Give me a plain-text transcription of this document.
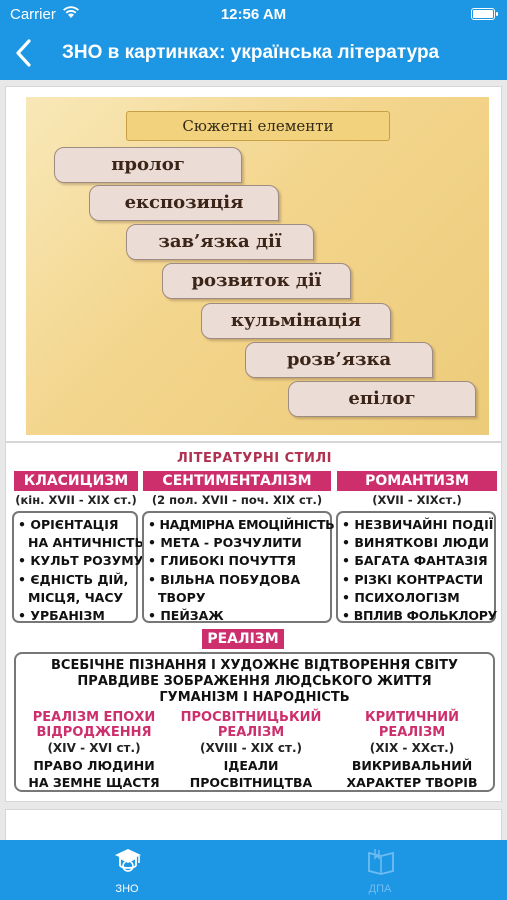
Carrier	12:56 AM
ЗНО в картинках: українська література
Сюжетні елементи
пролог
експозиція
зав’язка дії
розвиток дії
кульмінація
розв’язка
епілог
ЛІТЕРАТУРНІ СТИЛІ
КЛАСИЦИЗМ
(кін. XVII - XIX ст.)
• ОРІЄНТАЦІЯ
НА АНТИЧНІСТЬ
• КУЛЬТ РОЗУМУ
• ЄДНІСТЬ ДІЙ,
МІСЦЯ, ЧАСУ
• УРБАНІЗМ
СЕНТИМЕНТАЛІЗМ
(2 пол. XVII - поч. XIX ст.)
• НАДМІРНА ЕМОЦІЙНІСТЬ
• МЕТА - РОЗЧУЛИТИ
• ГЛИБОКІ ПОЧУТТЯ
• ВІЛЬНА ПОБУДОВА
ТВОРУ
• ПЕЙЗАЖ
РОМАНТИЗМ
(XVII - XIXст.)
• НЕЗВИЧАЙНІ ПОДІЇ
• ВИНЯТКОВІ ЛЮДИ
• БАГАТА ФАНТАЗІЯ
• РІЗКІ КОНТРАСТИ
• ПСИХОЛОГІЗМ
• ВПЛИВ ФОЛЬКЛОРУ
РЕАЛІЗМ
ВСЕБІЧНЕ ПІЗНАННЯ І ХУДОЖНЄ ВІДТВОРЕННЯ СВІТУ
ПРАВДИВЕ ЗОБРАЖЕННЯ ЛЮДСЬКОГО ЖИТТЯ
ГУМАНІЗМ І НАРОДНІСТЬ
РЕАЛІЗМ ЕПОХИ
ВІДРОДЖЕННЯ
(XIV - XVI ст.)
ПРАВО ЛЮДИНИ
НА ЗЕМНЕ ЩАСТЯ
ПРОСВІТНИЦЬКИЙ
РЕАЛІЗМ
(XVIII - XIX ст.)
ІДЕАЛИ
ПРОСВІТНИЦТВА
КРИТИЧНИЙ
РЕАЛІЗМ
(XIX - XXст.)
ВИКРИВАЛЬНИЙ
ХАРАКТЕР ТВОРІВ
ЗНО	ДПА
